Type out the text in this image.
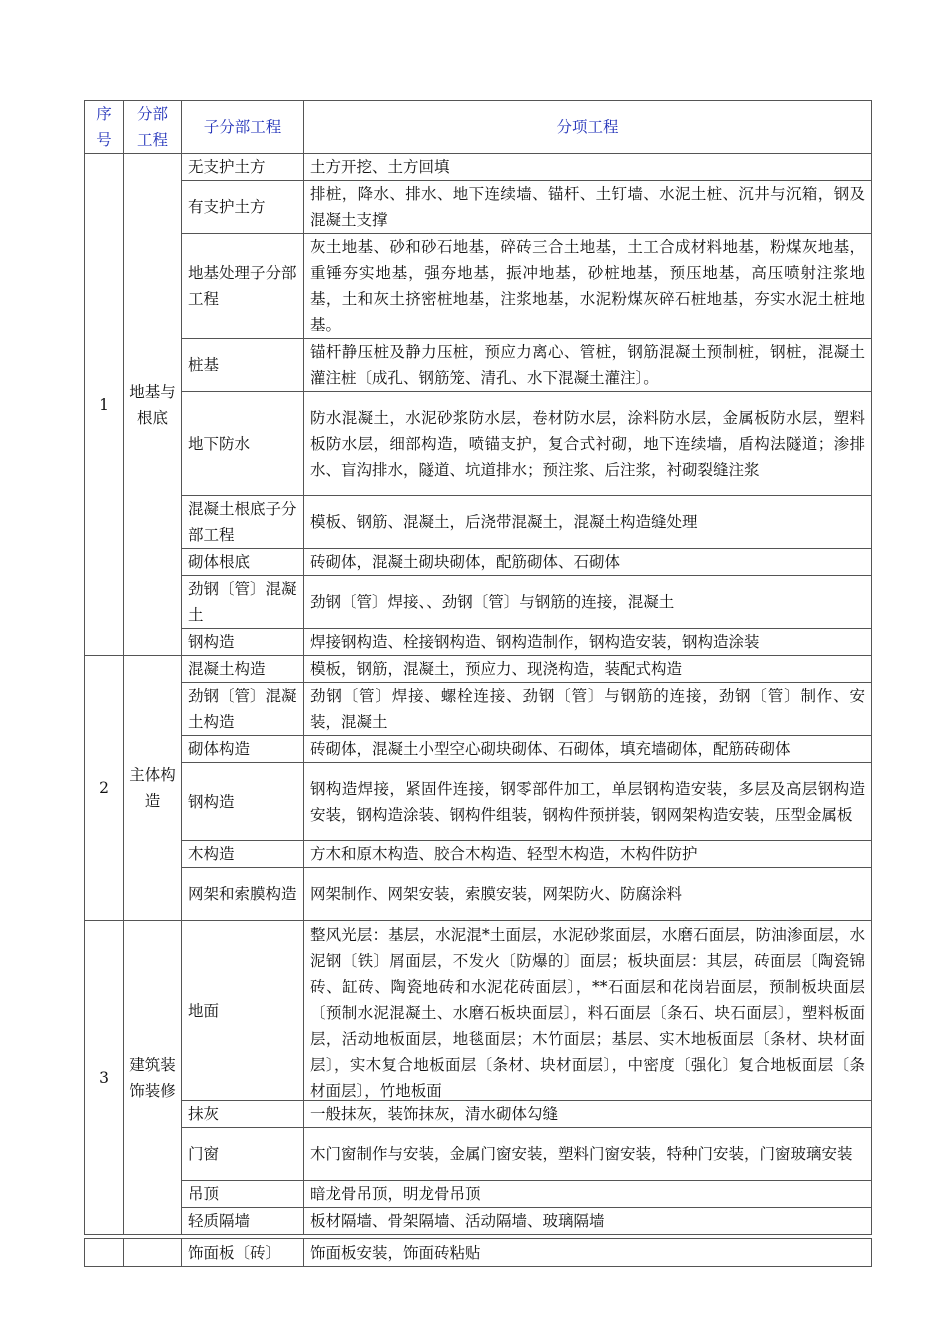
序号	分部工程	子分部工程	分项工程
1	地基与根底	无支护土方	土方开挖、土方回填
		有支护土方	排桩，降水、排水、地下连续墙、锚杆、土钉墙、水泥土桩、沉井与沉箱，钢及混凝土支撑
		地基处理子分部工程	灰土地基、砂和砂石地基，碎砖三合土地基，土工合成材料地基，粉煤灰地基，重锤夯实地基，强夯地基，振冲地基，砂桩地基，预压地基，高压喷射注浆地基，土和灰土挤密桩地基，注浆地基，水泥粉煤灰碎石桩地基，夯实水泥土桩地基。
		桩基	锚杆静压桩及静力压桩，预应力离心、管桩，钢筋混凝土预制桩，钢桩，混凝土灌注桩〔成孔、钢筋笼、清孔、水下混凝土灌注〕。
		地下防水	防水混凝土，水泥砂浆防水层，卷材防水层，涂料防水层，金属板防水层，塑料板防水层，细部构造，喷锚支护，复合式衬砌，地下连续墙，盾构法隧道；渗排水、盲沟排水，隧道、坑道排水；预注浆、后注浆，衬砌裂缝注浆
		混凝土根底子分部工程	模板、钢筋、混凝土，后浇带混凝土，混凝土构造缝处理
		砌体根底	砖砌体，混凝土砌块砌体，配筋砌体、石砌体
		劲钢〔管〕混凝土	劲钢〔管〕焊接、、劲钢〔管〕与钢筋的连接，混凝土
		钢构造	焊接钢构造、栓接钢构造、钢构造制作，钢构造安装，钢构造涂装
2	主体构造	混凝土构造	模板，钢筋，混凝土，预应力、现浇构造，装配式构造
		劲钢〔管〕混凝土构造	劲钢〔管〕焊接、螺栓连接、劲钢〔管〕与钢筋的连接，劲钢〔管〕制作、安装，混凝土
		砌体构造	砖砌体，混凝土小型空心砌块砌体、石砌体，填充墙砌体，配筋砖砌体
		钢构造	钢构造焊接，紧固件连接，钢零部件加工，单层钢构造安装，多层及高层钢构造安装，钢构造涂装、钢构件组装，钢构件预拼装，钢网架构造安装，压型金属板
		木构造	方木和原木构造、胶合木构造、轻型木构造，木构件防护
		网架和索膜构造	网架制作、网架安装，索膜安装，网架防火、防腐涂料
3	建筑装饰装修	地面	整风光层：基层，水泥混*土面层，水泥砂浆面层，水磨石面层，防油渗面层，水泥钢〔铁〕屑面层，不发火〔防爆的〕面层；板块面层：其层，砖面层〔陶瓷锦砖、缸砖、陶瓷地砖和水泥花砖面层〕，**石面层和花岗岩面层，预制板块面层〔预制水泥混凝土、水磨石板块面层〕，料石面层〔条石、块石面层〕，塑料板面层，活动地板面层，地毯面层；木竹面层；基层、实木地板面层〔条材、块材面层〕，实木复合地板面层〔条材、块材面层〕，中密度〔强化〕复合地板面层〔条材面层〕，竹地板面

		抹灰	一般抹灰，装饰抹灰，清水砌体勾缝
		门窗	木门窗制作与安装，金属门窗安装，塑料门窗安装，特种门安装，门窗玻璃安装
		吊顶	暗龙骨吊顶，明龙骨吊顶
		轻质隔墙	板材隔墙、骨架隔墙、活动隔墙、玻璃隔墙
		饰面板〔砖〕	饰面板安装，饰面砖粘贴
